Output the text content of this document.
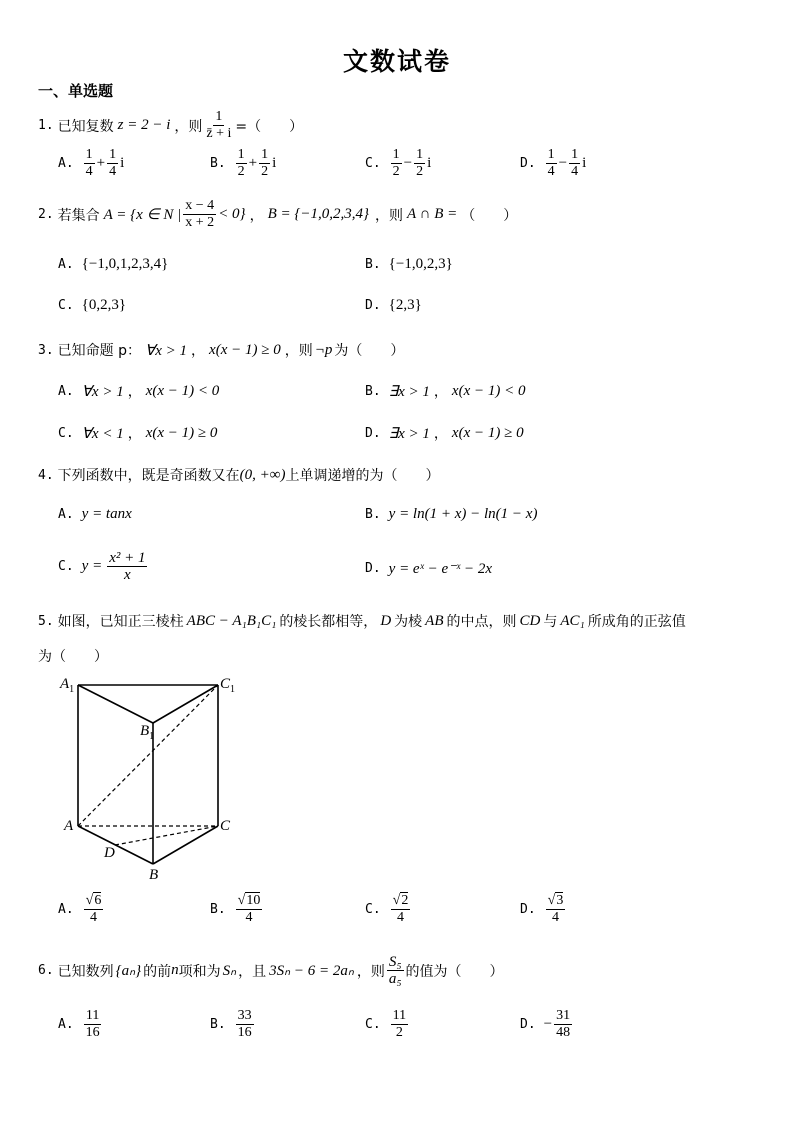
文数试卷
一、单选题
1. 已知复数 z = 2 − i ，则 $\frac{1}{z̄ + i}$ =（　　）
A. $\frac{1}{4} + \frac{1}{4}$ i	B. $\frac{1}{2} + \frac{1}{2}$ i	C. $\frac{1}{2} - \frac{1}{2}$ i	D. $\frac{1}{4} - \frac{1}{4}$ i
2. 若集合 A = {x ∈ N | $\frac{x - 4}{x + 2} < 0$} ， B = {−1,0,2,3,4} ，则 A ∩ B = （　　）
A. {−1,0,1,2,3,4}	B. {−1,0,2,3}
C. {0,2,3}	D. {2,3}
3. 已知命题 p： ∀x > 1 ， x(x − 1) ≥ 0 ，则 ¬p 为（　　）
A. ∀x > 1 ， x(x − 1) < 0	B. ∃x > 1 ， x(x − 1) < 0
C. ∀x < 1 ， x(x − 1) ≥ 0	D. ∃x > 1 ， x(x − 1) ≥ 0
4. 下列函数中，既是奇函数又在 (0, +∞) 上单调递增的为（　　）
A. y = tanx	B. y = ln(1 + x) − ln(1 − x)
C. $y = \frac{\text{x² + 1}}{x}$	D. y = eˣ − e⁻ˣ − 2x
5. 如图，已知正三棱柱 ABC − A₁B₁C₁ 的棱长都相等， D 为棱 AB 的中点，则 CD 与 AC₁ 所成角的正弦值
为（　　）
$A_1$	$C_1$
$B_1$
A	C
D
B
A. $\frac{√6}{4}$	B. $\frac{√10}{4}$	C. $\frac{√2}{4}$	D. $\frac{√3}{4}$
6. 已知数列 {aₙ} 的前 n 项和为 Sₙ ，且 3Sₙ − 6 = 2aₙ ，则 $\frac{\text{S₅}}{\text{a₅}}$ 的值为（　　）
A. $\frac{11}{16}$	B. $\frac{33}{16}$	C. $\frac{11}{2}$	D. − $\frac{31}{48}$
